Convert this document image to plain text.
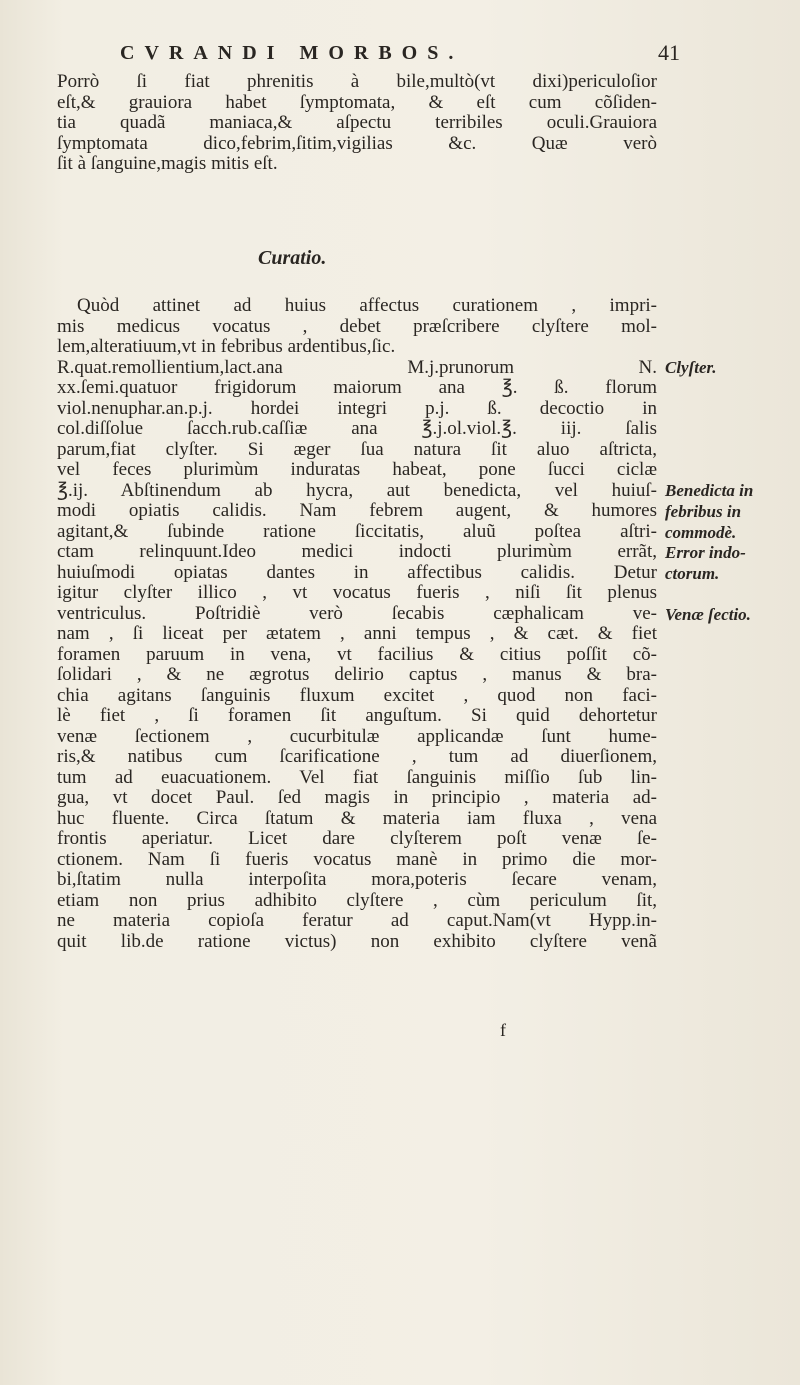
CVRANDI MORBOS.	41
Porrò ſi fiat phrenitis à bile,multò(vt dixi)periculoſior
eſt,& grauiora habet ſymptomata, & eſt cum cõſiden-
tia quadã maniaca,& aſpectu terribiles oculi.Grauiora
ſymptomata dico,febrim,ſitim,vigilias &c. Quæ verò
ſit à ſanguine,magis mitis eſt.
Curatio.
Quòd attinet ad huius affectus curationem , impri-
mis medicus vocatus , debet præſcribere clyſtere mol-
lem,alteratiuum,vt in febribus ardentibus,ſic.
R.quat.remollientium,lact.ana M.j.prunorum N.
xx.ſemi.quatuor frigidorum maiorum ana ℥. ß. florum
viol.nenuphar.an.p.j. hordei integri p.j. ß. decoctio in
col.diſſolue ſacch.rub.caſſiæ ana ℥.j.ol.viol.℥. iij. ſalis
parum,fiat clyſter. Si æger ſua natura ſit aluo aſtricta,
vel feces plurimùm induratas habeat, pone ſucci ciclæ
℥.ij. Abſtinendum ab hycra, aut benedicta, vel huiuſ-
modi opiatis calidis. Nam febrem augent, & humores
agitant,& ſubinde ratione ſiccitatis, aluũ poſtea aſtri-
ctam relinquunt.Ideo medici indocti plurimùm errãt,
huiuſmodi opiatas dantes in affectibus calidis. Detur
igitur clyſter illico , vt vocatus fueris , niſi ſit plenus
ventriculus. Poſtridiè verò ſecabis cæphalicam ve-
nam , ſi liceat per ætatem , anni tempus , & cæt. & fiet
foramen paruum in vena, vt facilius & citius poſſit cõ-
ſolidari , & ne ægrotus delirio captus , manus & bra-
chia agitans ſanguinis fluxum excitet , quod non faci-
lè fiet , ſi foramen ſit anguſtum. Si quid dehortetur
venæ ſectionem , cucurbitulæ applicandæ ſunt hume-
ris,& natibus cum ſcarificatione , tum ad diuerſionem,
tum ad euacuationem. Vel fiat ſanguinis miſſio ſub lin-
gua, vt docet Paul. ſed magis in principio , materia ad-
huc fluente. Circa ſtatum & materia iam fluxa , vena
frontis aperiatur. Licet dare clyſterem poſt venæ ſe-
ctionem. Nam ſi fueris vocatus manè in primo die mor-
bi,ſtatim nulla interpoſita mora,poteris ſecare venam,
etiam non prius adhibito clyſtere , cùm periculum ſit,
ne materia copioſa feratur ad caput.Nam(vt Hypp.in-
quit lib.de ratione victus) non exhibito clyſtere venã
Clyſter.
Benedicta in
febribus in
commodè.
Error indo-
ctorum.
Venæ ſectio.
f
